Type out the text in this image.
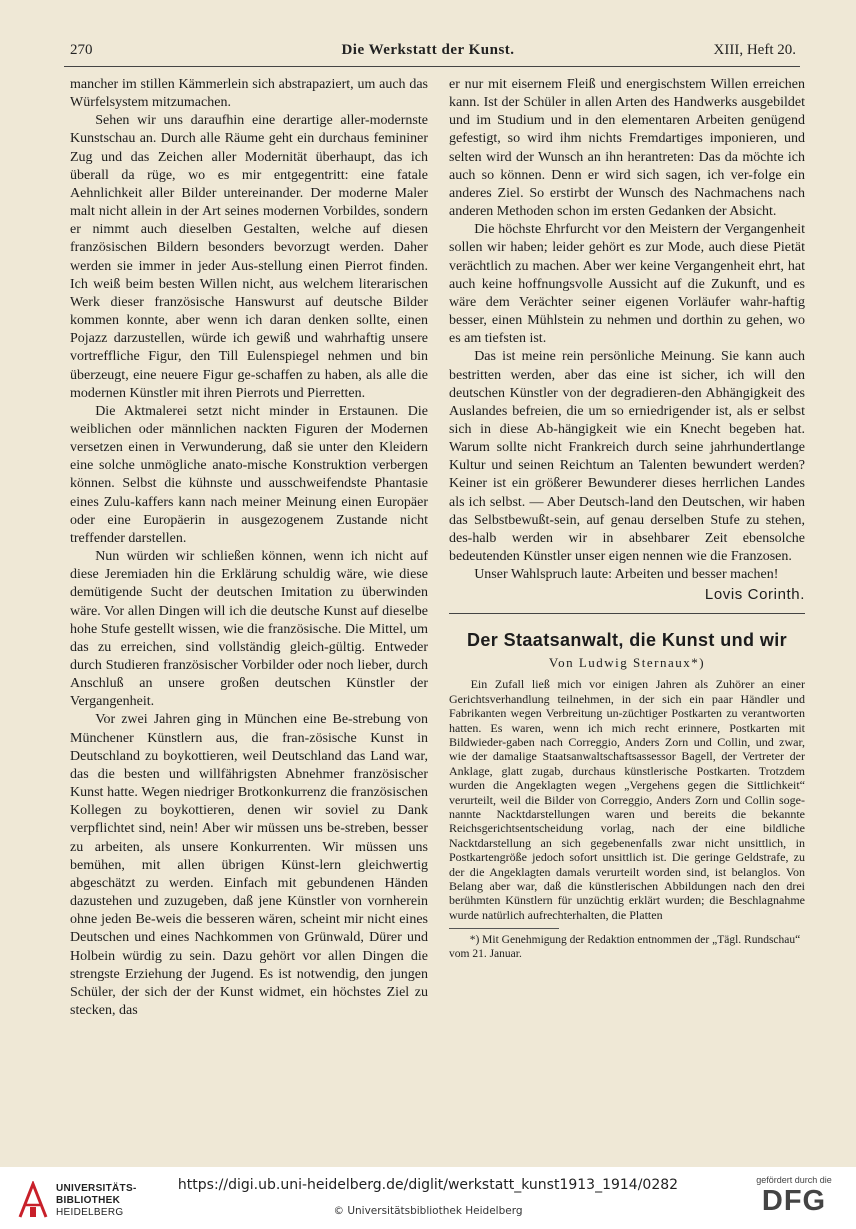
270	Die Werkstatt der Kunst.	XIII, Heft 20.

mancher im stillen Kämmerlein sich abstrapaziert, um auch das Würfelsystem mitzumachen.

Sehen wir uns daraufhin eine derartige aller-modernste Kunstschau an. Durch alle Räume geht ein durchaus femininer Zug und das Zeichen aller Modernität überhaupt, das ich überall da rüge, wo es mir entgegentritt: eine fatale Aehnlichkeit aller Bilder untereinander. Der moderne Maler malt nicht allein in der Art seines modernen Vorbildes, sondern er nimmt auch dieselben Gestalten, welche auf diesen französischen Bildern besonders bevorzugt werden. Daher werden sie immer in jeder Aus-stellung einen Pierrot finden. Ich weiß beim besten Willen nicht, aus welchem literarischen Werk dieser französische Hanswurst auf deutsche Bilder kommen konnte, aber wenn ich daran denken sollte, einen Pojazz darzustellen, würde ich gewiß und wahrhaftig unsere vortreffliche Figur, den Till Eulenspiegel nehmen und bin überzeugt, eine neuere Figur ge-schaffen zu haben, als alle die modernen Künstler mit ihren Pierrots und Pierretten.

Die Aktmalerei setzt nicht minder in Erstaunen. Die weiblichen oder männlichen nackten Figuren der Modernen versetzen einen in Verwunderung, daß sie unter den Kleidern eine solche unmögliche anato-mische Konstruktion verbergen können. Selbst die kühnste und ausschweifendste Phantasie eines Zulu-kaffers kann nach meiner Meinung einen Europäer oder eine Europäerin in ausgezogenem Zustande nicht treffender darstellen.

Nun würden wir schließen können, wenn ich nicht auf diese Jeremiaden hin die Erklärung schuldig wäre, wie diese demütigende Sucht der deutschen Imitation zu überwinden wäre. Vor allen Dingen will ich die deutsche Kunst auf dieselbe hohe Stufe gestellt wissen, wie die französische. Die Mittel, um das zu erreichen, sind vollständig gleich-gültig. Entweder durch Studieren französischer Vorbilder oder noch lieber, durch Anschluß an unsere großen deutschen Künstler der Vergangenheit.

Vor zwei Jahren ging in München eine Be-strebung von Münchener Künstlern aus, die fran-zösische Kunst in Deutschland zu boykottieren, weil Deutschland das Land war, das die besten und willfährigsten Abnehmer französischer Kunst hatte. Wegen niedriger Brotkonkurrenz die französischen Kollegen zu boykottieren, denen wir soviel zu Dank verpflichtet sind, nein! Aber wir müssen uns be-streben, besser zu arbeiten, als unsere Konkurrenten. Wir müssen uns bemühen, mit allen übrigen Künst-lern gleichwertig abgeschätzt zu werden. Einfach mit gebundenen Händen dazustehen und zuzugeben, daß jene Künstler von vornherein ohne jeden Be-weis die besseren wären, scheint mir nicht eines Deutschen und eines Nachkommen von Grünwald, Dürer und Holbein würdig zu sein. Dazu gehört vor allen Dingen die strengste Erziehung der Jugend. Es ist notwendig, den jungen Schüler, der sich der der Kunst widmet, ein höchstes Ziel zu stecken, das

er nur mit eisernem Fleiß und energischstem Willen erreichen kann. Ist der Schüler in allen Arten des Handwerks ausgebildet und im Studium und in den elementaren Arbeiten genügend gefestigt, so wird ihm nichts Fremdartiges imponieren, und selten wird der Wunsch an ihn herantreten: Das da möchte ich auch so können. Denn er wird sich sagen, ich ver-folge ein anderes Ziel. So erstirbt der Wunsch des Nachmachens nach anderen Methoden schon im ersten Gedanken der Absicht.

Die höchste Ehrfurcht vor den Meistern der Vergangenheit sollen wir haben; leider gehört es zur Mode, auch diese Pietät verächtlich zu machen. Aber wer keine Vergangenheit ehrt, hat auch keine hoffnungsvolle Aussicht auf die Zukunft, und es wäre dem Verächter seiner eigenen Vorläufer wahr-haftig besser, einen Mühlstein zu nehmen und dorthin zu gehen, wo es am tiefsten ist.

Das ist meine rein persönliche Meinung. Sie kann auch bestritten werden, aber das eine ist sicher, ich will den deutschen Künstler von der degradieren-den Abhängigkeit des Auslandes befreien, die um so erniedrigender ist, als er selbst sich in diese Ab-hängigkeit wie ein Knecht begeben hat. Warum sollte nicht Frankreich durch seine jahrhundertlange Kultur und seinen Reichtum an Talenten bewundert werden? Keiner ist ein größerer Bewunderer dieses herrlichen Landes als ich selbst. — Aber Deutsch-land den Deutschen, wir haben das Selbstbewußt-sein, auf genau derselben Stufe zu stehen, des-halb werden wir in absehbarer Zeit ebensolche bedeutenden Künstler unser eigen nennen wie die Franzosen.

Unser Wahlspruch laute: Arbeiten und besser machen!

Lovis Corinth.

Der Staatsanwalt, die Kunst und wir

Von Ludwig Sternaux*)

Ein Zufall ließ mich vor einigen Jahren als Zuhörer an einer Gerichtsverhandlung teilnehmen, in der sich ein paar Händler und Fabrikanten wegen Verbreitung un-züchtiger Postkarten zu verantworten hatten. Es waren, wenn ich mich recht erinnere, Postkarten mit Bildwieder-gaben nach Correggio, Anders Zorn und Collin, und zwar, wie der damalige Staatsanwaltschaftsassessor Bagell, der Vertreter der Anklage, glatt zugab, durchaus künstlerische Postkarten. Trotzdem wurden die Angeklagten wegen „Vergehens gegen die Sittlichkeit“ verurteilt, weil die Bilder von Correggio, Anders Zorn und Collin soge-nannte Nacktdarstellungen waren und bereits die bekannte Reichsgerichtsentscheidung vorlag, nach der eine bildliche Nacktdarstellung an sich gegebenenfalls zwar nicht unsittlich, in Postkartengröße jedoch sofort unsittlich ist. Die geringe Geldstrafe, zu der die Angeklagten damals verurteilt worden sind, ist belanglos. Von Belang aber war, daß die künstlerischen Abbildungen nach den drei berühmten Künstlern für unzüchtig erklärt wurden; die Beschlagnahme wurde natürlich aufrechterhalten, die Platten

*) Mit Genehmigung der Redaktion entnommen der „Tägl. Rundschau“ vom 21. Januar.

UNIVERSITÄTS-
BIBLIOTHEK
HEIDELBERG
https://digi.ub.uni-heidelberg.de/diglit/werkstatt_kunst1913_1914/0282
© Universitätsbibliothek Heidelberg
gefördert durch die
DFG
